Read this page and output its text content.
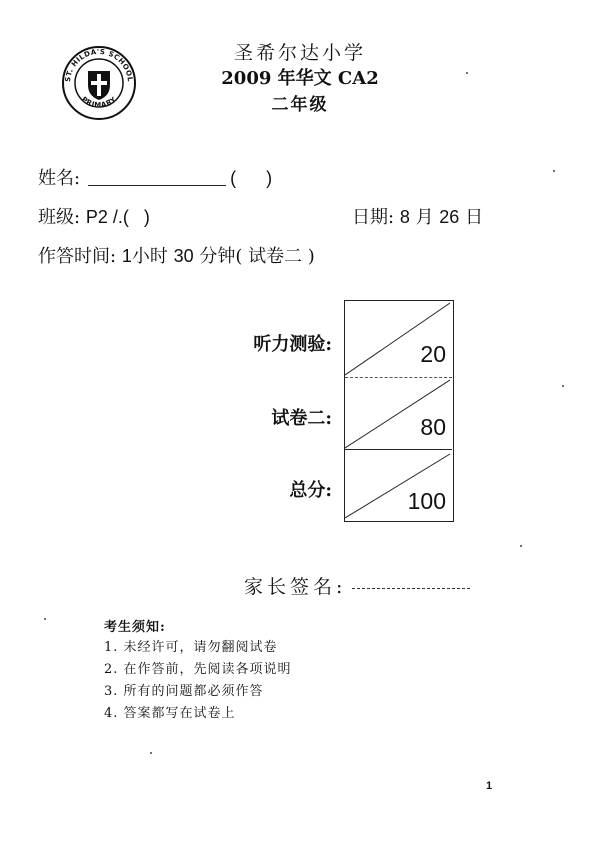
ST. HILDA'S SCHOOL
PRIMARY
圣希尔达小学
2009 年华文 CA2
二年级
姓名:	(      )
班级: P2 /.(   )	日期: 8 月 26 日
作答时间: 1小时 30 分钟( 试卷二 )
听力测验:
试卷二:
总分:
20
80
100
家长签名:
考生须知:
1. 未经许可，请勿翻阅试卷
2. 在作答前，先阅读各项说明
3. 所有的问题都必须作答
4. 答案都写在试卷上
1
